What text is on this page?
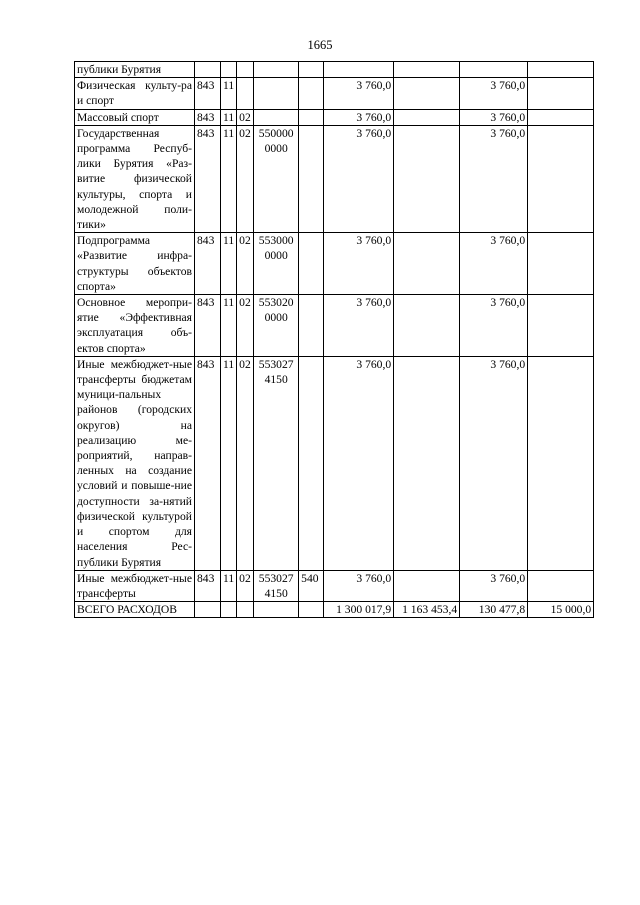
1665
публики Бурятия									
Физическая культу-ра и спорт	843	11				3 760,0		3 760,0	
Массовый спорт	843	11	02			3 760,0		3 760,0	
Государственная программа Респуб-лики Бурятия «Раз-витие физической культуры, спорта и молодежной поли-тики»	843	11	02	550000 0000		3 760,0		3 760,0	
Подпрограмма «Развитие инфра-структуры объектов спорта»	843	11	02	553000 0000		3 760,0		3 760,0	
Основное меропри-ятие «Эффективная эксплуатация объ-ектов спорта»	843	11	02	553020 0000		3 760,0		3 760,0	
Иные межбюджет-ные трансферты бюджетам муници-пальных районов (городских округов) на реализацию ме-роприятий, направ-ленных на создание условий и повыше-ние доступности за-нятий физической культурой и спортом для населения Рес-публики Бурятия	843	11	02	553027 4150		3 760,0		3 760,0	
Иные межбюджет-ные трансферты	843	11	02	553027 4150	540	3 760,0		3 760,0	
ВСЕГО РАСХОДОВ						1 300 017,9	1 163 453,4	130 477,8	15 000,0
